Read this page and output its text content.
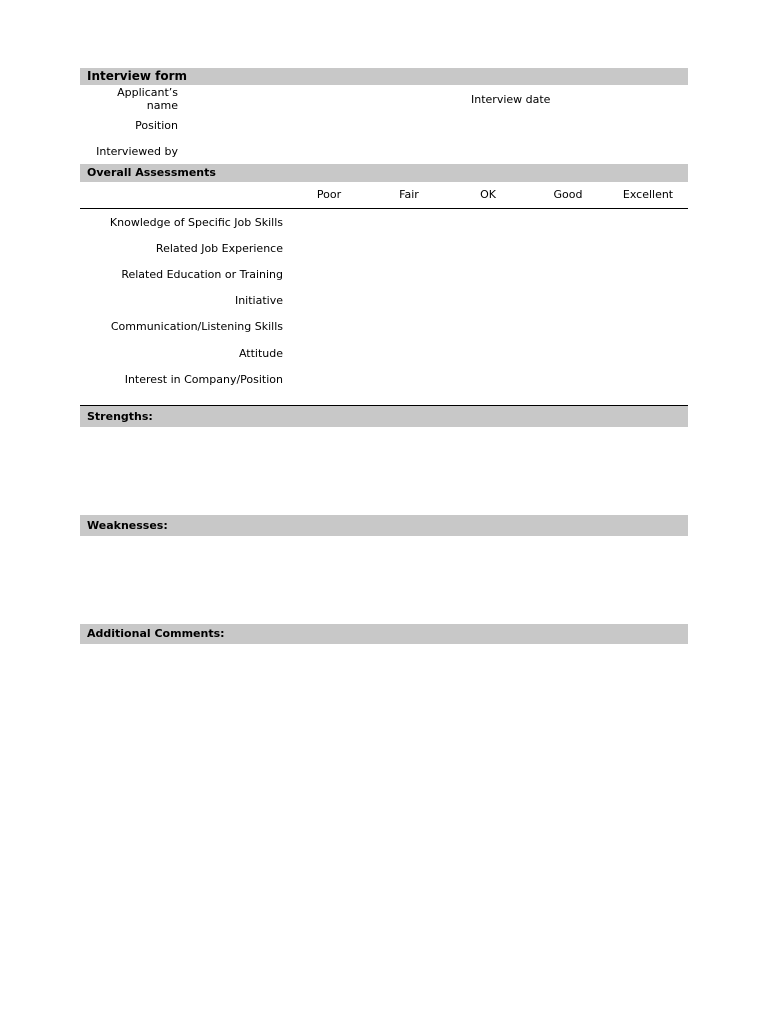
Interview form
Applicant’s name	Interview date
Position
Interviewed by
Overall Assessments
Poor	Fair	OK	Good	Excellent
Knowledge of Specific Job Skills
Related Job Experience
Related Education or Training
Initiative
Communication/Listening Skills
Attitude
Interest in Company/Position
Strengths:
Weaknesses:
Additional Comments:
